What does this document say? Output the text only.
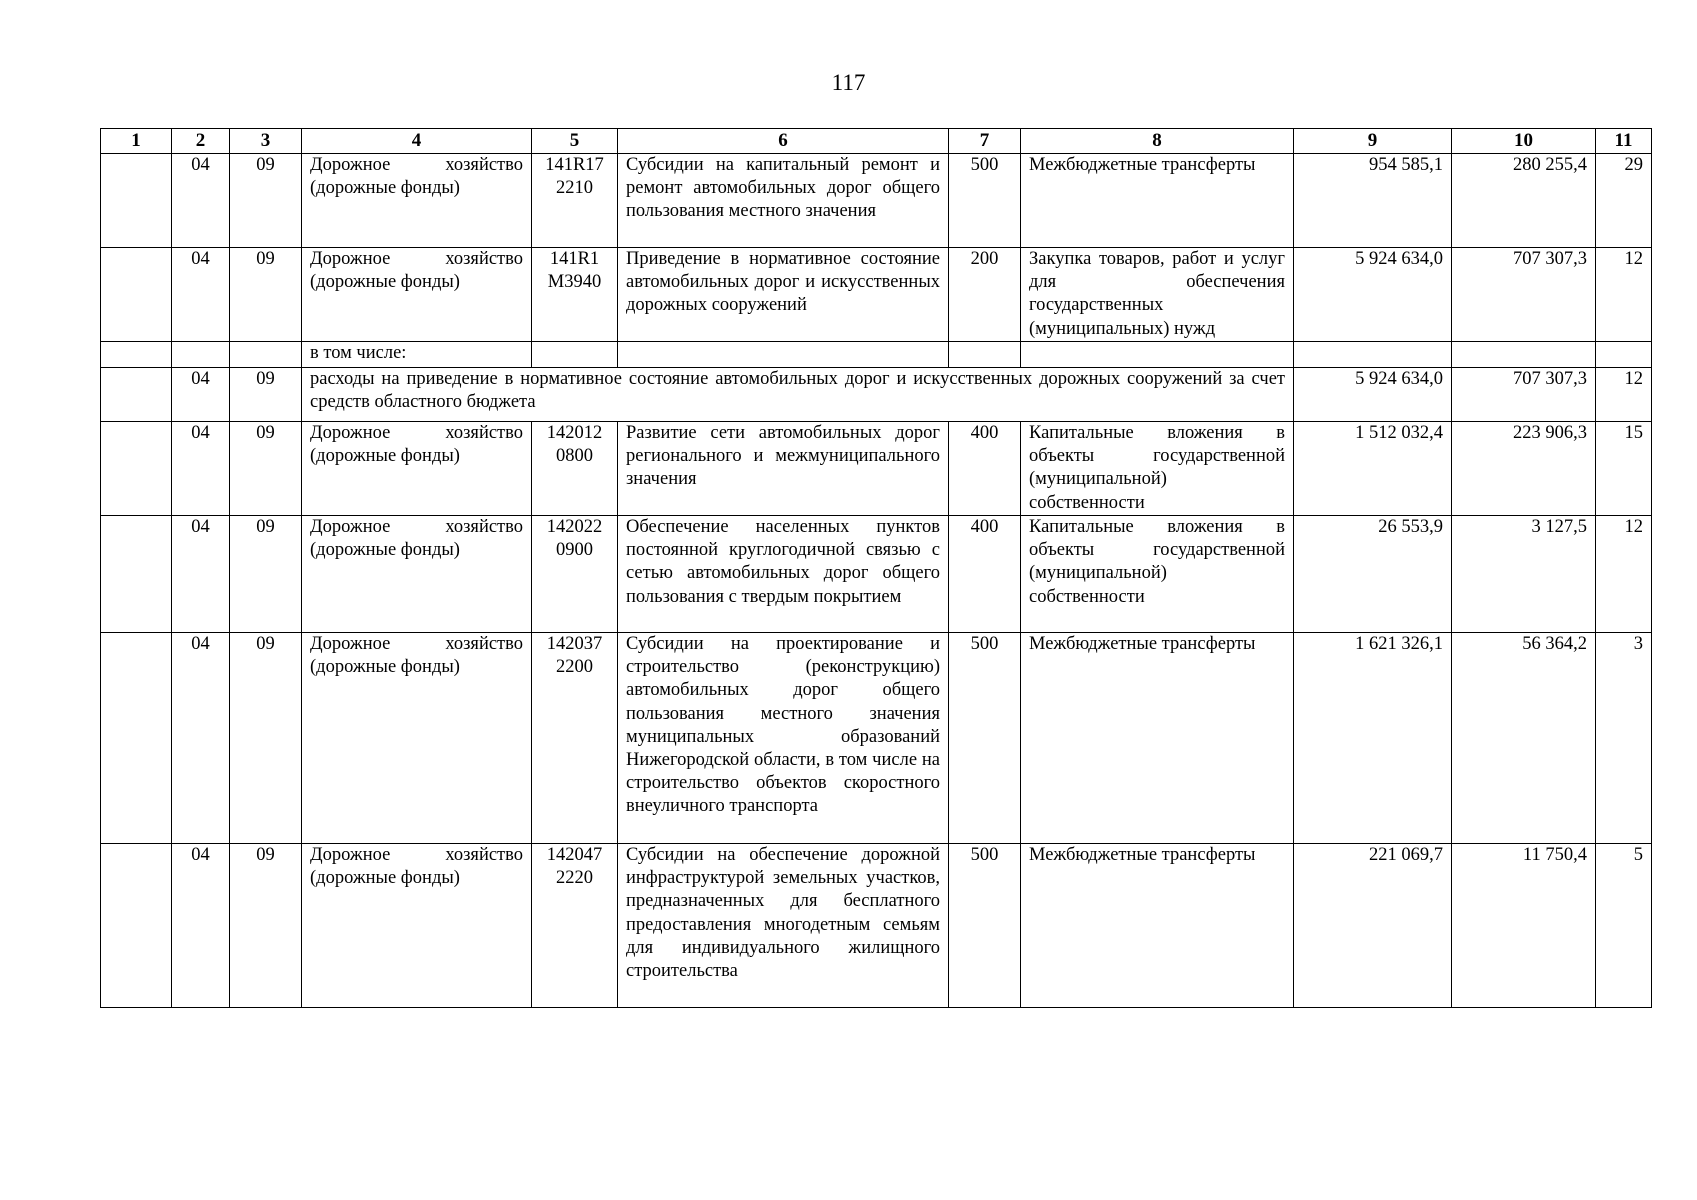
117
1	2	3	4	5	6	7	8	9	10	11
	04	09	Дорожное хозяйство (дорожные фонды)	141R17 2210	Субсидии на капитальный ремонт и ремонт автомобильных дорог общего пользования местного значения	500	Межбюджетные трансферты	954 585,1	280 255,4	29
	04	09	Дорожное хозяйство (дорожные фонды)	141R1 M3940	Приведение в нормативное состояние автомобильных дорог и искусственных дорожных сооружений	200	Закупка товаров, работ и услуг для обеспечения государственных (муниципальных) нужд	5 924 634,0	707 307,3	12
			в том числе:							
	04	09	расходы на приведение в нормативное состояние автомобильных дорог и искусственных дорожных сооружений за счет средств областного бюджета					5 924 634,0	707 307,3	12
	04	09	Дорожное хозяйство (дорожные фонды)	142012 0800	Развитие сети автомобильных дорог регионального и межмуниципального значения	400	Капитальные вложения в объекты государственной (муниципальной) собственности	1 512 032,4	223 906,3	15
	04	09	Дорожное хозяйство (дорожные фонды)	142022 0900	Обеспечение населенных пунктов постоянной круглогодичной связью с сетью автомобильных дорог общего пользования с твердым покрытием	400	Капитальные вложения в объекты государственной (муниципальной) собственности	26 553,9	3 127,5	12
	04	09	Дорожное хозяйство (дорожные фонды)	142037 2200	Субсидии на проектирование и строительство (реконструкцию) автомобильных дорог общего пользования местного значения муниципальных образований Нижегородской области, в том числе на строительство объектов скоростного внеуличного транспорта	500	Межбюджетные трансферты	1 621 326,1	56 364,2	3
	04	09	Дорожное хозяйство (дорожные фонды)	142047 2220	Субсидии на обеспечение дорожной инфраструктурой земельных участков, предназначенных для бесплатного предоставления многодетным семьям для индивидуального жилищного строительства	500	Межбюджетные трансферты	221 069,7	11 750,4	5
